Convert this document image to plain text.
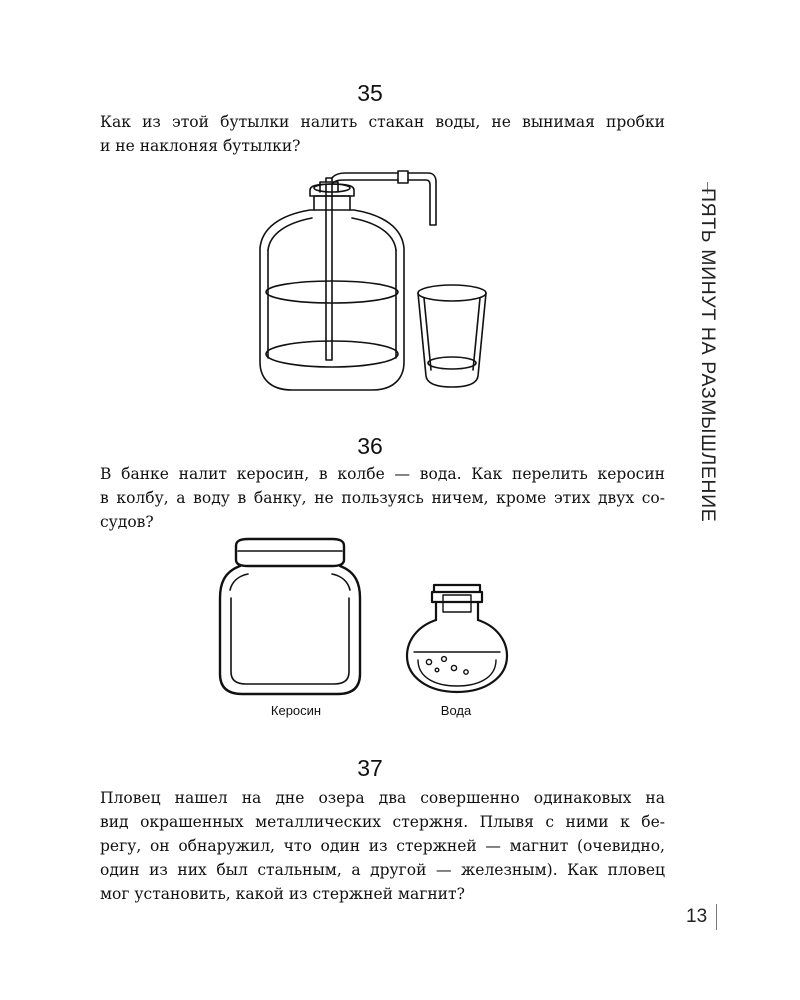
ПЯТЬ МИНУТ НА РАЗМЫШЛЕНИЕ
35
Как из этой бутылки налить стакан воды, не вынимая пробки
и не наклоняя бутылки?
36
В банке налит керосин, в колбе — вода. Как перелить керосин
в колбу, а воду в банку, не пользуясь ничем, кроме этих двух со-
судов?
Керосин	Вода
37
Пловец нашел на дне озера два совершенно одинаковых на
вид окрашенных металлических стержня. Плывя с ними к бе-
регу, он обнаружил, что один из стержней — магнит (очевидно,
один из них был стальным, а другой — железным). Как пловец
мог установить, какой из стержней магнит?
13
